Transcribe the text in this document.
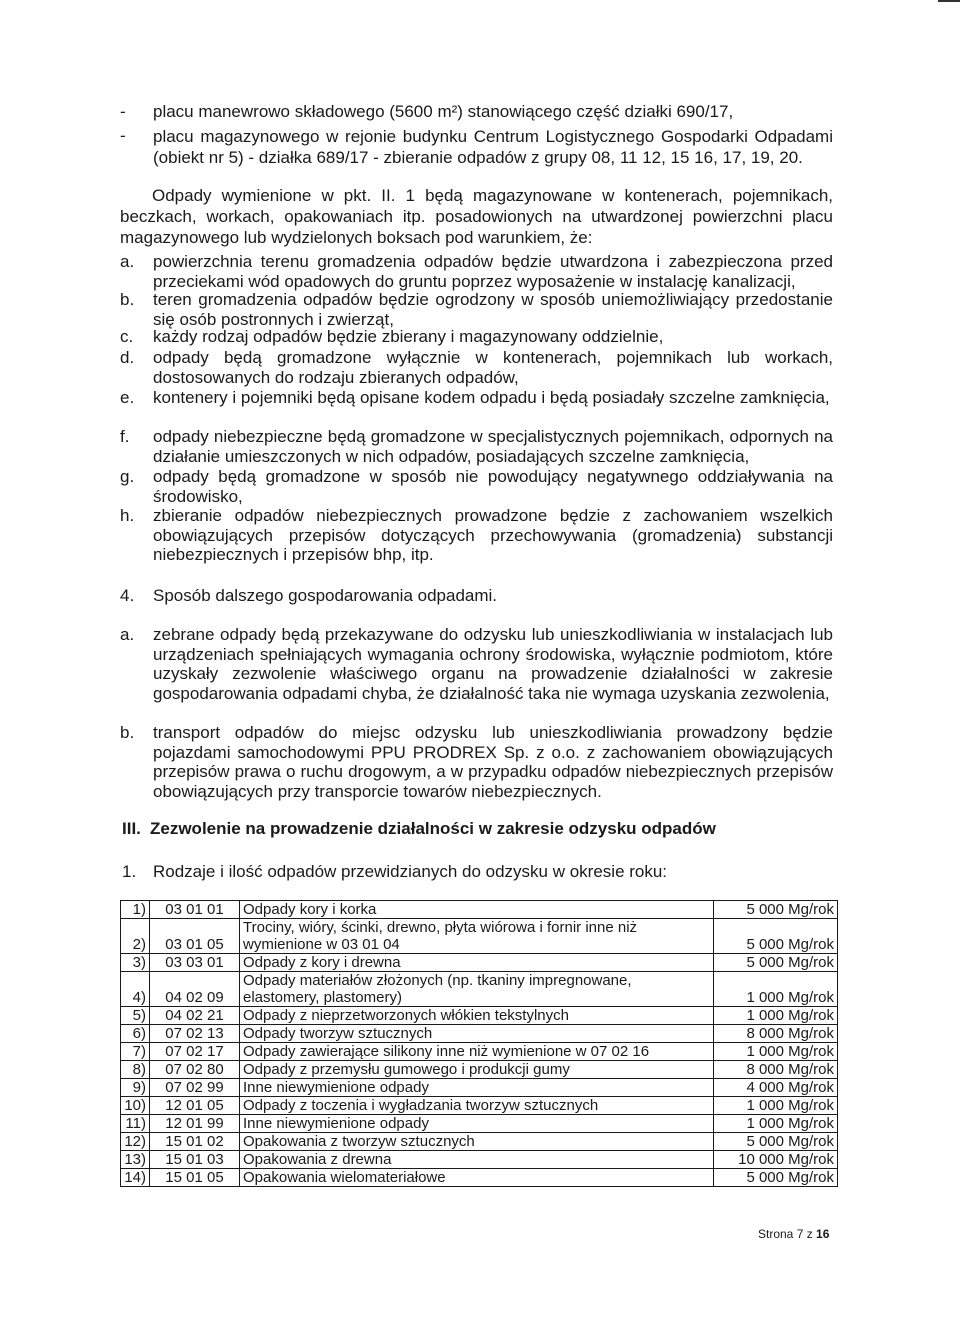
- placu manewrowo składowego (5600 m²) stanowiącego część działki 690/17,
- placu magazynowego w rejonie budynku Centrum Logistycznego Gospodarki Odpadami (obiekt nr 5) - działka 689/17 - zbieranie odpadów z grupy 08, 11 12, 15 16, 17, 19, 20.
Odpady wymienione w pkt. II. 1 będą magazynowane w kontenerach, pojemnikach, beczkach, workach, opakowaniach itp. posadowionych na utwardzonej powierzchni placu magazynowego lub wydzielonych boksach pod warunkiem, że:
a. powierzchnia terenu gromadzenia odpadów będzie utwardzona i zabezpieczona przed przeciekami wód opadowych do gruntu poprzez wyposażenie w instalację kanalizacji,
b. teren gromadzenia odpadów będzie ogrodzony w sposób uniemożliwiający przedostanie się osób postronnych i zwierząt,
c. każdy rodzaj odpadów będzie zbierany i magazynowany oddzielnie,
d. odpady będą gromadzone wyłącznie w kontenerach, pojemnikach lub workach, dostosowanych do rodzaju zbieranych odpadów,
e. kontenery i pojemniki będą opisane kodem odpadu i będą posiadały szczelne zamknięcia,
f. odpady niebezpieczne będą gromadzone w specjalistycznych pojemnikach, odpornych na działanie umieszczonych w nich odpadów, posiadających szczelne zamknięcia,
g. odpady będą gromadzone w sposób nie powodujący negatywnego oddziaływania na środowisko,
h. zbieranie odpadów niebezpiecznych prowadzone będzie z zachowaniem wszelkich obowiązujących przepisów dotyczących przechowywania (gromadzenia) substancji niebezpiecznych i przepisów bhp, itp.
4. Sposób dalszego gospodarowania odpadami.
a. zebrane odpady będą przekazywane do odzysku lub unieszkodliwiania w instalacjach lub urządzeniach spełniających wymagania ochrony środowiska, wyłącznie podmiotom, które uzyskały zezwolenie właściwego organu na prowadzenie działalności w zakresie gospodarowania odpadami chyba, że działalność taka nie wymaga uzyskania zezwolenia,
b. transport odpadów do miejsc odzysku lub unieszkodliwiania prowadzony będzie pojazdami samochodowymi PPU PRODREX Sp. z o.o. z zachowaniem obowiązujących przepisów prawa o ruchu drogowym, a w przypadku odpadów niebezpiecznych przepisów obowiązujących przy transporcie towarów niebezpiecznych.
III. Zezwolenie na prowadzenie działalności w zakresie odzysku odpadów
1. Rodzaje i ilość odpadów przewidzianych do odzysku w okresie roku:
1)	03 01 01	Odpady kory i korka	5 000 Mg/rok
2)	03 01 05	Trociny, wióry, ścinki, drewno, płyta wiórowa i fornir inne niż wymienione w 03 01 04	5 000 Mg/rok
3)	03 03 01	Odpady z kory i drewna	5 000 Mg/rok
4)	04 02 09	Odpady materiałów złożonych (np. tkaniny impregnowane, elastomery, plastomery)	1 000 Mg/rok
5)	04 02 21	Odpady z nieprzetworzonych włókien tekstylnych	1 000 Mg/rok
6)	07 02 13	Odpady tworzyw sztucznych	8 000 Mg/rok
7)	07 02 17	Odpady zawierające silikony inne niż wymienione w 07 02 16	1 000 Mg/rok
8)	07 02 80	Odpady z przemysłu gumowego i produkcji gumy	8 000 Mg/rok
9)	07 02 99	Inne niewymienione odpady	4 000 Mg/rok
10)	12 01 05	Odpady z toczenia i wygładzania tworzyw sztucznych	1 000 Mg/rok
11)	12 01 99	Inne niewymienione odpady	1 000 Mg/rok
12)	15 01 02	Opakowania z tworzyw sztucznych	5 000 Mg/rok
13)	15 01 03	Opakowania z drewna	10 000 Mg/rok
14)	15 01 05	Opakowania wielomateriałowe	5 000 Mg/rok
Strona 7 z 16
